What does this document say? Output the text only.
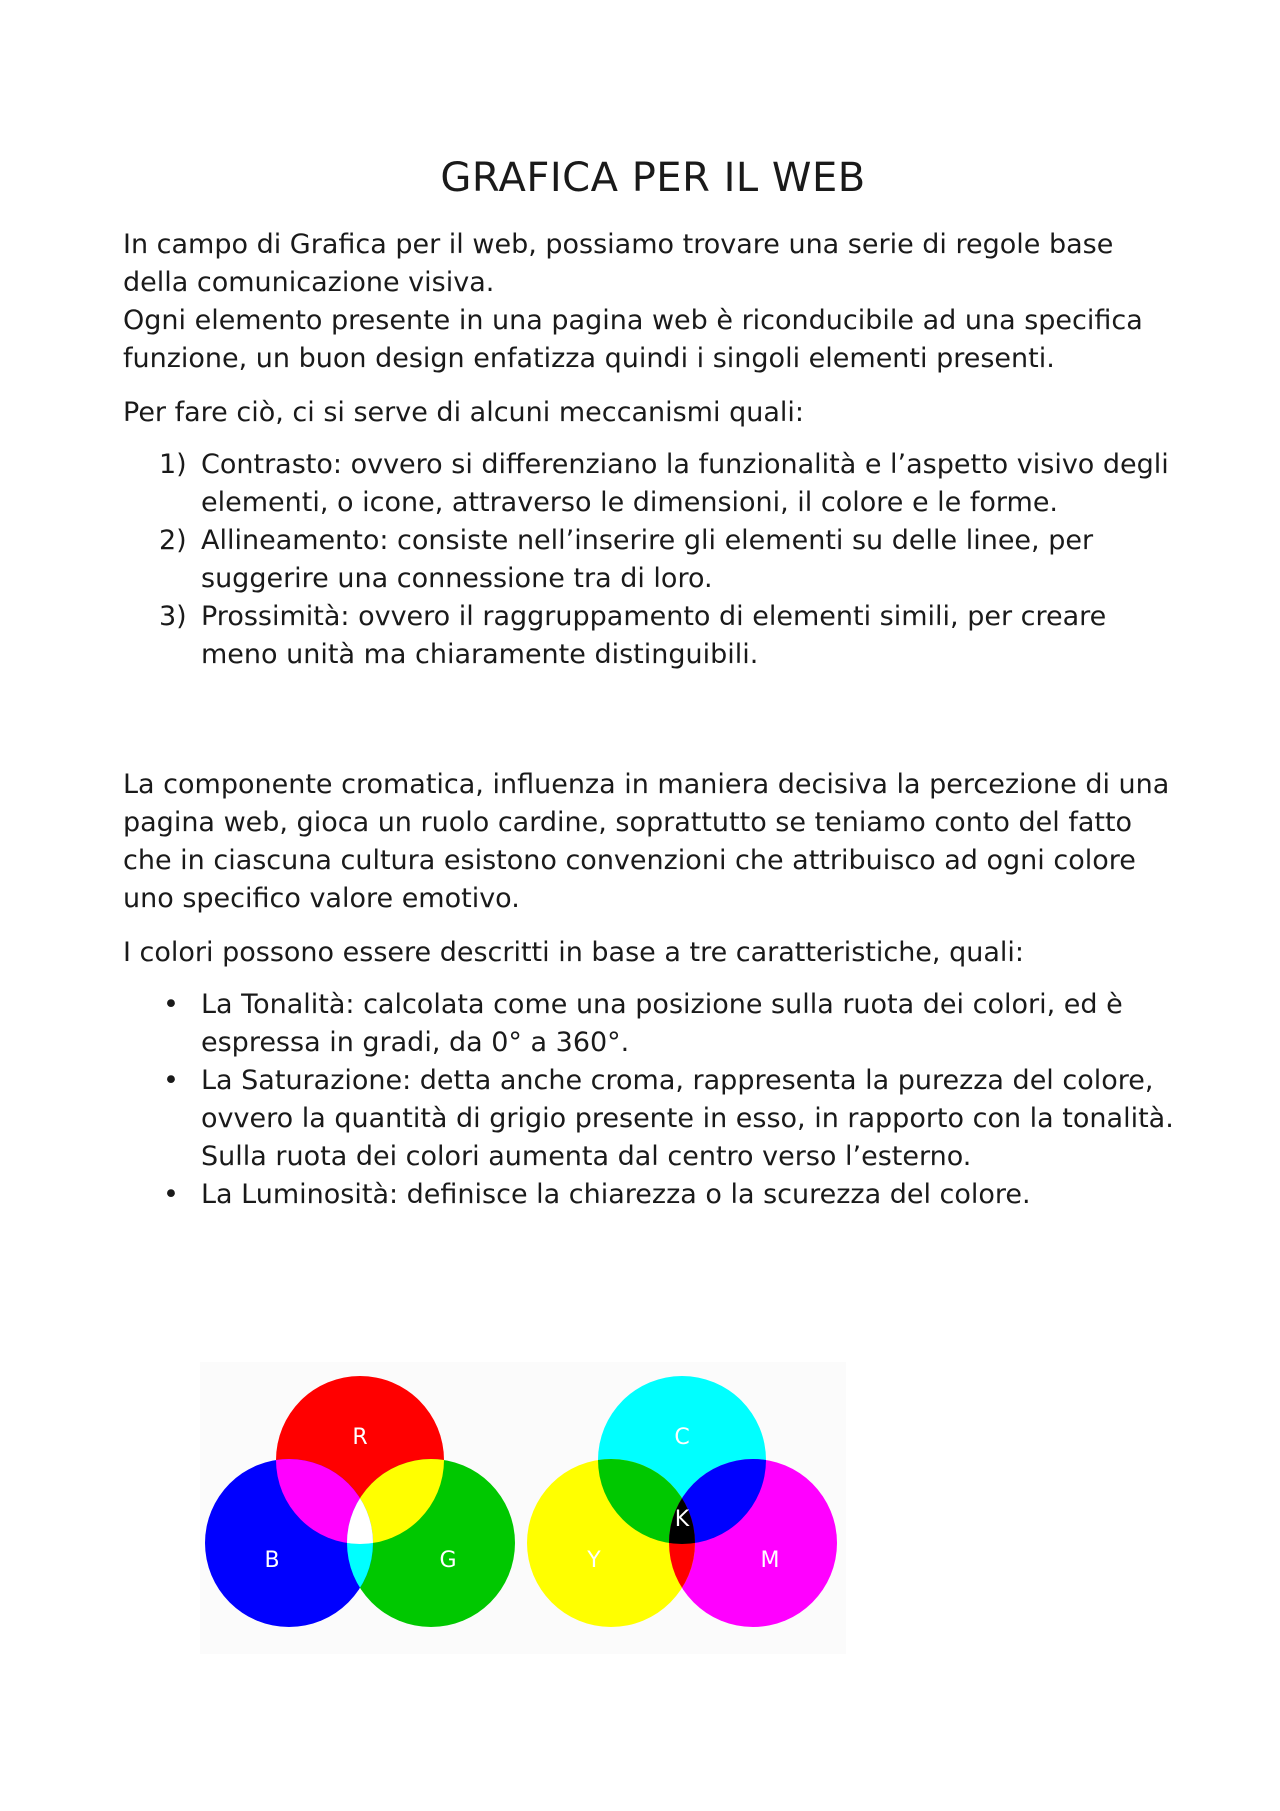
GRAFICA PER IL WEB

In campo di Grafica per il web, possiamo trovare una serie di regole base della comunicazione visiva.

Ogni elemento presente in una pagina web è riconducibile ad una specifica funzione, un buon design enfatizza quindi i singoli elementi presenti.

Per fare ciò, ci si serve di alcuni meccanismi quali:

1) Contrasto: ovvero si differenziano la funzionalità e l’aspetto visivo degli elementi, o icone, attraverso le dimensioni, il colore e le forme.
2) Allineamento: consiste nell’inserire gli elementi su delle linee, per suggerire una connessione tra di loro.
3) Prossimità: ovvero il raggruppamento di elementi simili, per creare meno unità ma chiaramente distinguibili.

La componente cromatica, influenza in maniera decisiva la percezione di una pagina web, gioca un ruolo cardine, soprattutto se teniamo conto del fatto che in ciascuna cultura esistono convenzioni che attribuisco ad ogni colore uno specifico valore emotivo.

I colori possono essere descritti in base a tre caratteristiche, quali:

• La Tonalità: calcolata come una posizione sulla ruota dei colori, ed è espressa in gradi, da 0° a 360°.
• La Saturazione: detta anche croma, rappresenta la purezza del colore, ovvero la quantità di grigio presente in esso, in rapporto con la tonalità. Sulla ruota dei colori aumenta dal centro verso l’esterno.
• La Luminosità: definisce la chiarezza o la scurezza del colore.
R
G
B
C
M
Y
K
